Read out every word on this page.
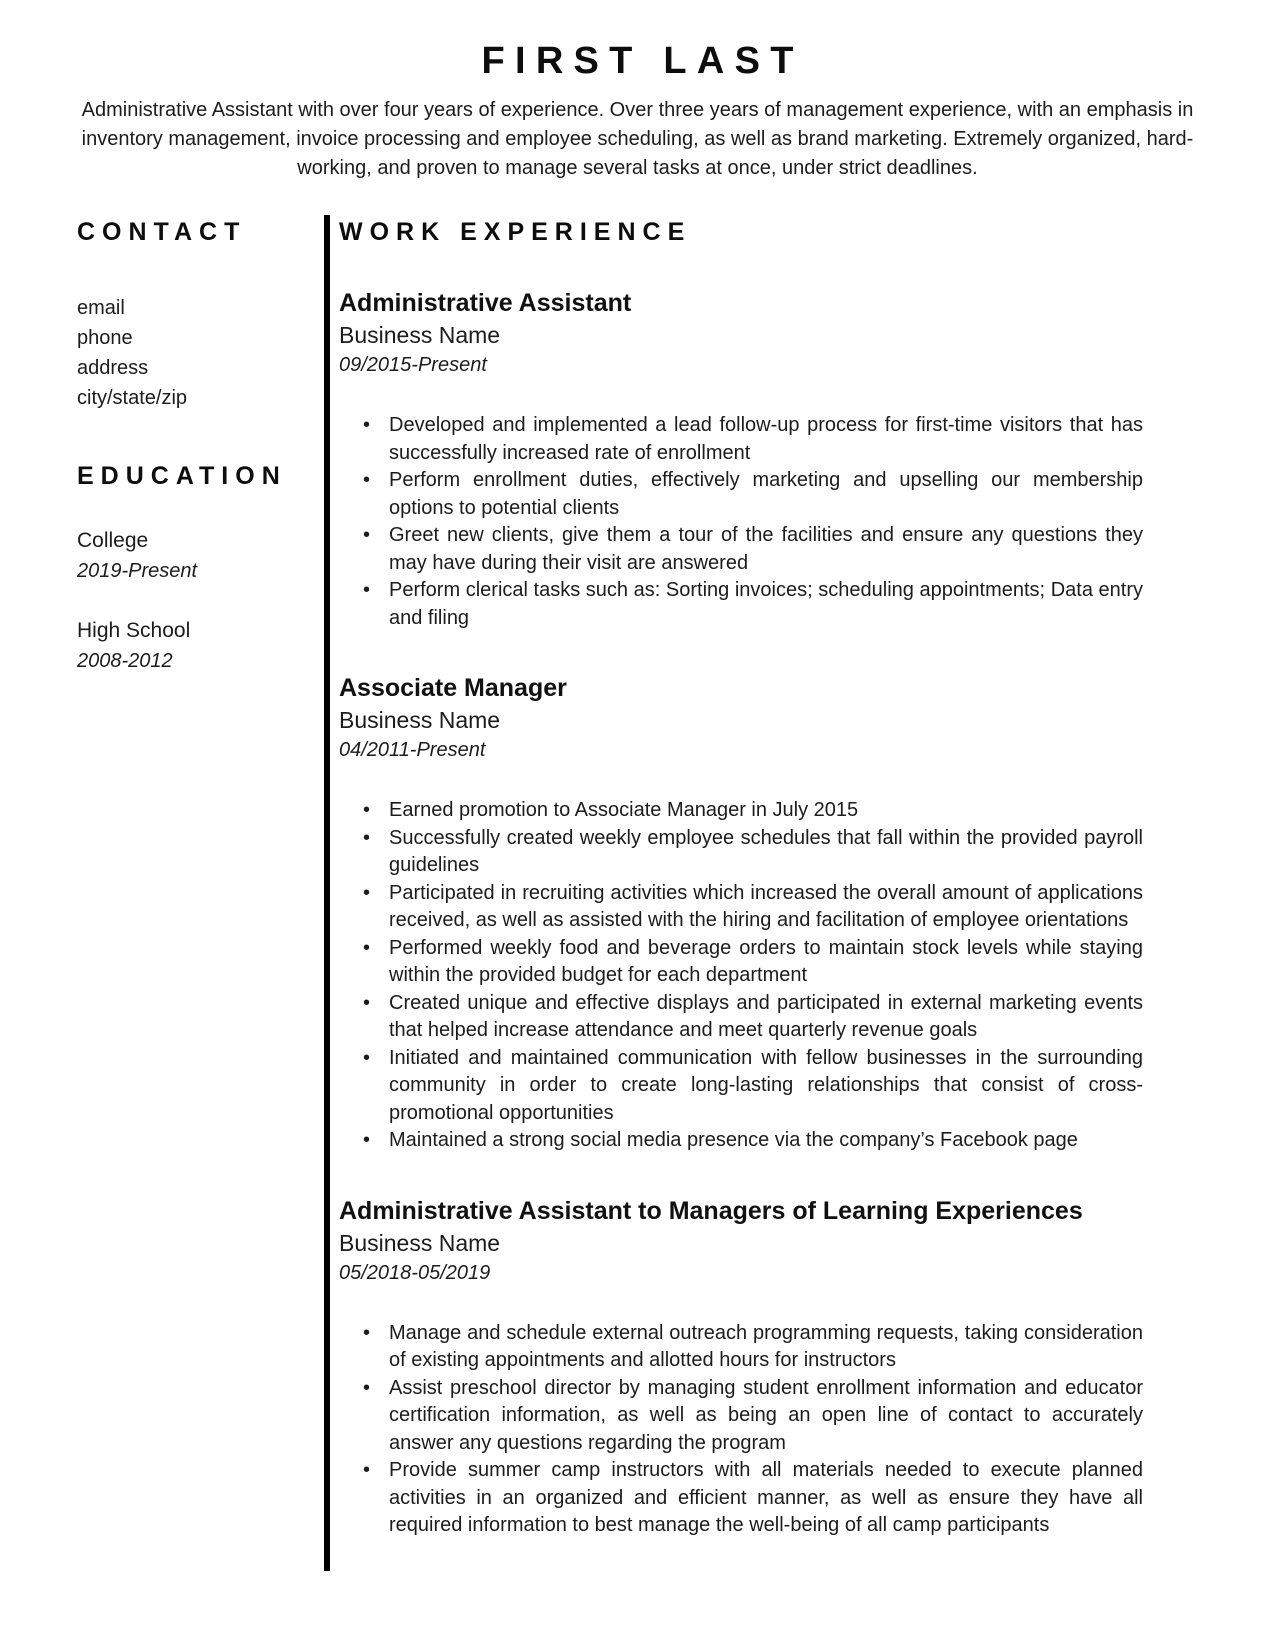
FIRST LAST

Administrative Assistant with over four years of experience. Over three years of management experience, with an emphasis in inventory management, invoice processing and employee scheduling, as well as brand marketing. Extremely organized, hard-working, and proven to manage several tasks at once, under strict deadlines.

CONTACT
email
phone
address
city/state/zip
EDUCATION
College
2019-Present
High School
2008-2012
WORK EXPERIENCE
Administrative Assistant
Business Name
09/2015-Present
• Developed and implemented a lead follow-up process for first-time visitors that has successfully increased rate of enrollment
• Perform enrollment duties, effectively marketing and upselling our membership options to potential clients
• Greet new clients, give them a tour of the facilities and ensure any questions they may have during their visit are answered
• Perform clerical tasks such as: Sorting invoices; scheduling appointments; Data entry and filing
Associate Manager
Business Name
04/2011-Present
• Earned promotion to Associate Manager in July 2015
• Successfully created weekly employee schedules that fall within the provided payroll guidelines
• Participated in recruiting activities which increased the overall amount of applications received, as well as assisted with the hiring and facilitation of employee orientations
• Performed weekly food and beverage orders to maintain stock levels while staying within the provided budget for each department
• Created unique and effective displays and participated in external marketing events that helped increase attendance and meet quarterly revenue goals
• Initiated and maintained communication with fellow businesses in the surrounding community in order to create long-lasting relationships that consist of cross-promotional opportunities
• Maintained a strong social media presence via the company’s Facebook page
Administrative Assistant to Managers of Learning Experiences
Business Name
05/2018-05/2019
• Manage and schedule external outreach programming requests, taking consideration of existing appointments and allotted hours for instructors
• Assist preschool director by managing student enrollment information and educator certification information, as well as being an open line of contact to accurately answer any questions regarding the program
• Provide summer camp instructors with all materials needed to execute planned activities in an organized and efficient manner, as well as ensure they have all required information to best manage the well-being of all camp participants
